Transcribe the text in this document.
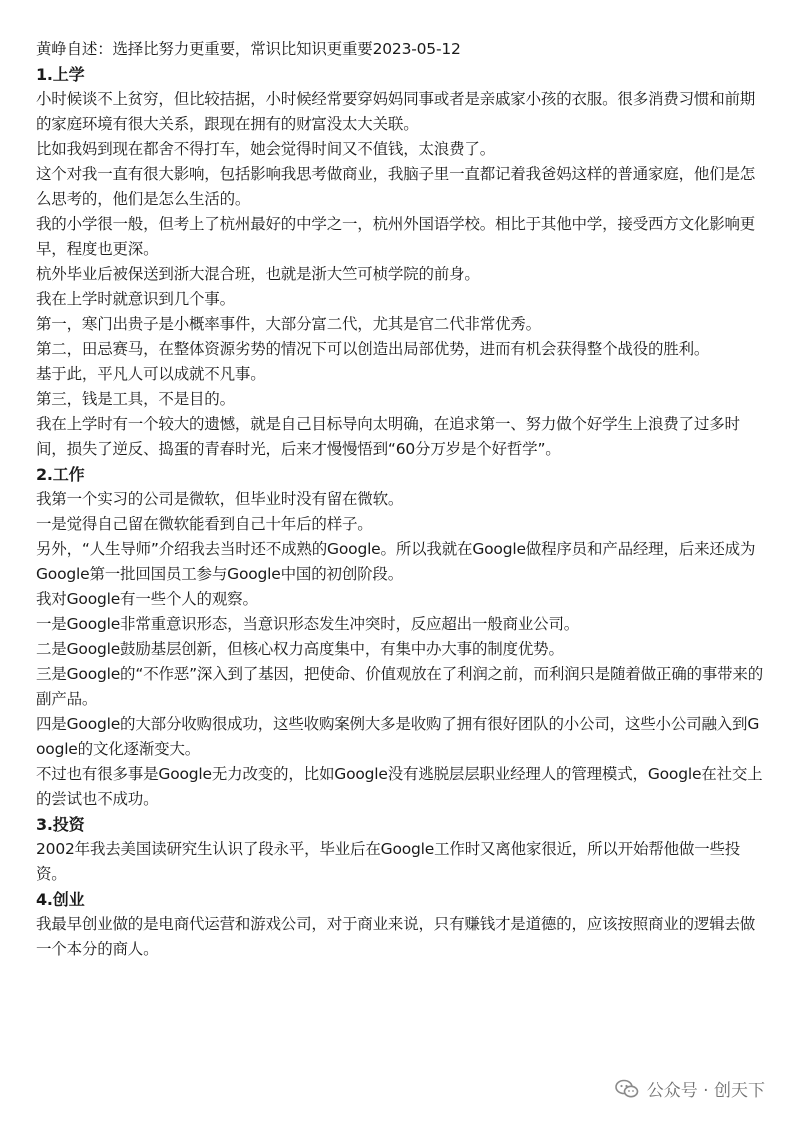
黄峥自述：选择比努力更重要，常识比知识更重要2023-05-12

1.上学

小时候谈不上贫穷，但比较拮据，小时候经常要穿妈妈同事或者是亲戚家小孩的衣服。很多消费习惯和前期的家庭环境有很大关系，跟现在拥有的财富没太大关联。

比如我妈到现在都舍不得打车，她会觉得时间又不值钱，太浪费了。

这个对我一直有很大影响，包括影响我思考做商业，我脑子里一直都记着我爸妈这样的普通家庭，他们是怎么思考的，他们是怎么生活的。

我的小学很一般，但考上了杭州最好的中学之一，杭州外国语学校。相比于其他中学，接受西方文化影响更早，程度也更深。

杭外毕业后被保送到浙大混合班，也就是浙大竺可桢学院的前身。

我在上学时就意识到几个事。

第一，寒门出贵子是小概率事件，大部分富二代，尤其是官二代非常优秀。

第二，田忌赛马，在整体资源劣势的情况下可以创造出局部优势，进而有机会获得整个战役的胜利。

基于此，平凡人可以成就不凡事。

第三，钱是工具，不是目的。

我在上学时有一个较大的遗憾，就是自己目标导向太明确，在追求第一、努力做个好学生上浪费了过多时间，损失了逆反、捣蛋的青春时光，后来才慢慢悟到“60分万岁是个好哲学”。

2.工作

我第一个实习的公司是微软，但毕业时没有留在微软。

一是觉得自己留在微软能看到自己十年后的样子。

另外，“人生导师”介绍我去当时还不成熟的Google。所以我就在Google做程序员和产品经理，后来还成为Google第一批回国员工参与Google中国的初创阶段。

我对Google有一些个人的观察。

一是Google非常重意识形态，当意识形态发生冲突时，反应超出一般商业公司。

二是Google鼓励基层创新，但核心权力高度集中，有集中办大事的制度优势。

三是Google的“不作恶”深入到了基因，把使命、价值观放在了利润之前，而利润只是随着做正确的事带来的副产品。

四是Google的大部分收购很成功，这些收购案例大多是收购了拥有很好团队的小公司，这些小公司融入到Google的文化逐渐变大。

不过也有很多事是Google无力改变的，比如Google没有逃脱层层职业经理人的管理模式，Google在社交上的尝试也不成功。

3.投资

2002年我去美国读研究生认识了段永平，毕业后在Google工作时又离他家很近，所以开始帮他做一些投资。

4.创业

我最早创业做的是电商代运营和游戏公司，对于商业来说，只有赚钱才是道德的，应该按照商业的逻辑去做一个本分的商人。

公众号 · 创天下
